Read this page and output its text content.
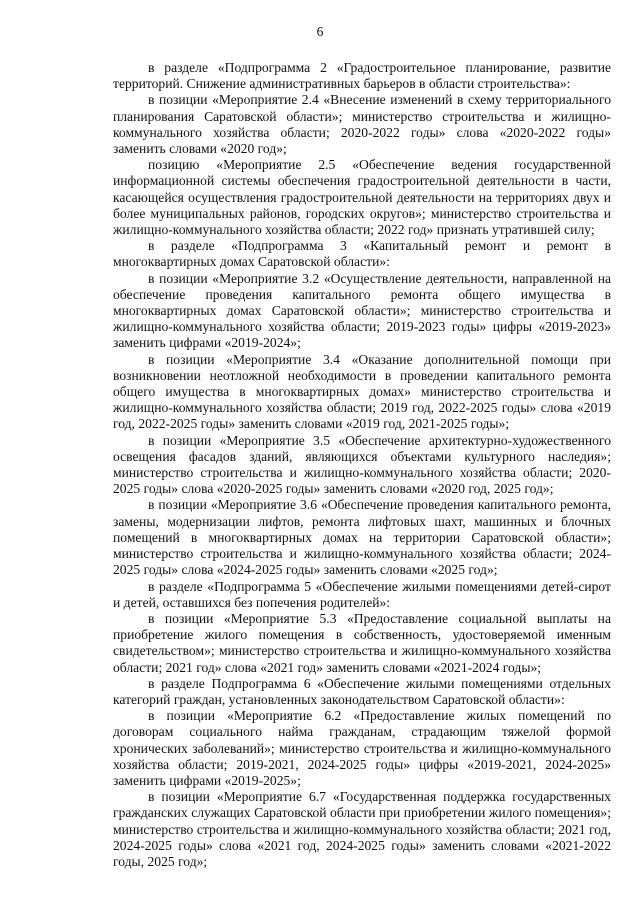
6

в разделе «Подпрограмма 2 «Градостроительное планирование, развитие территорий. Снижение административных барьеров в области строительства»:

в позиции «Мероприятие 2.4 «Внесение изменений в схему территориального планирования Саратовской области»; министерство строительства и жилищно-коммунального хозяйства области; 2020-2022 годы» слова «2020-2022 годы» заменить словами «2020 год»;

позицию «Мероприятие 2.5 «Обеспечение ведения государственной информационной системы обеспечения градостроительной деятельности в части, касающейся осуществления градостроительной деятельности на территориях двух и более муниципальных районов, городских округов»; министерство строительства и жилищно-коммунального хозяйства области; 2022 год» признать утратившей силу;

в разделе «Подпрограмма 3 «Капитальный ремонт и ремонт в многоквартирных домах Саратовской области»:

в позиции «Мероприятие 3.2 «Осуществление деятельности, направленной на обеспечение проведения капитального ремонта общего имущества в многоквартирных домах Саратовской области»; министерство строительства и жилищно-коммунального хозяйства области; 2019-2023 годы» цифры «2019-2023» заменить цифрами «2019-2024»;

в позиции «Мероприятие 3.4 «Оказание дополнительной помощи при возникновении неотложной необходимости в проведении капитального ремонта общего имущества в многоквартирных домах» министерство строительства и жилищно-коммунального хозяйства области; 2019 год, 2022-2025 годы» слова «2019 год, 2022-2025 годы» заменить словами «2019 год, 2021-2025 годы»;

в позиции «Мероприятие 3.5 «Обеспечение архитектурно-художественного освещения фасадов зданий, являющихся объектами культурного наследия»; министерство строительства и жилищно-коммунального хозяйства области; 2020-2025 годы» слова «2020-2025 годы» заменить словами «2020 год, 2025 год»;

в позиции «Мероприятие 3.6 «Обеспечение проведения капитального ремонта, замены, модернизации лифтов, ремонта лифтовых шахт, машинных и блочных помещений в многоквартирных домах на территории Саратовской области»; министерство строительства и жилищно-коммунального хозяйства области; 2024-2025 годы» слова «2024-2025 годы» заменить словами «2025 год»;

в разделе «Подпрограмма 5 «Обеспечение жилыми помещениями детей-сирот и детей, оставшихся без попечения родителей»:

в позиции «Мероприятие 5.3 «Предоставление социальной выплаты на приобретение жилого помещения в собственность, удостоверяемой именным свидетельством»; министерство строительства и жилищно-коммунального хозяйства области; 2021 год» слова «2021 год» заменить словами «2021-2024 годы»;

в разделе Подпрограмма 6 «Обеспечение жилыми помещениями отдельных категорий граждан, установленных законодательством Саратовской области»:

в позиции «Мероприятие 6.2 «Предоставление жилых помещений по договорам социального найма гражданам, страдающим тяжелой формой хронических заболеваний»; министерство строительства и жилищно-коммунального хозяйства области; 2019-2021, 2024-2025 годы» цифры «2019-2021, 2024-2025» заменить цифрами «2019-2025»;

в позиции «Мероприятие 6.7 «Государственная поддержка государственных гражданских служащих Саратовской области при приобретении жилого помещения»; министерство строительства и жилищно-коммунального хозяйства области; 2021 год, 2024-2025 годы» слова «2021 год, 2024-2025 годы» заменить словами «2021-2022 годы, 2025 год»;
